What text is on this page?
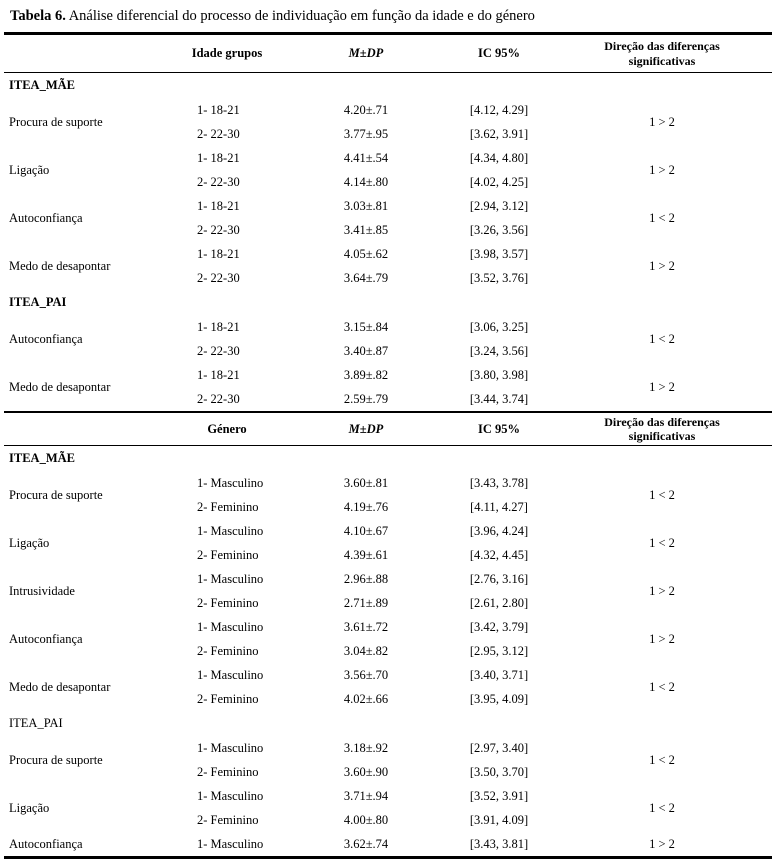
Tabela 6. Análise diferencial do processo de individuação em função da idade e do género
	Idade grupos	M±DP	IC 95%	Direção das diferenças significativas
ITEA_MÃE				
Procura de suporte	1- 18-21	4.20±.71	[4.12, 4.29]	1 > 2
	2- 22-30	3.77±.95	[3.62, 3.91]	
Ligação	1- 18-21	4.41±.54	[4.34, 4.80]	1 > 2
	2- 22-30	4.14±.80	[4.02, 4.25]	
Autoconfiança	1- 18-21	3.03±.81	[2.94, 3.12]	1 < 2
	2- 22-30	3.41±.85	[3.26, 3.56]	
Medo de desapontar	1- 18-21	4.05±.62	[3.98, 3.57]	1 > 2
	2- 22-30	3.64±.79	[3.52, 3.76]	
ITEA_PAI				
Autoconfiança	1- 18-21	3.15±.84	[3.06, 3.25]	1 < 2
	2- 22-30	3.40±.87	[3.24, 3.56]	
Medo de desapontar	1- 18-21	3.89±.82	[3.80, 3.98]	1 > 2
	2- 22-30	2.59±.79	[3.44, 3.74]	
	Género	M±DP	IC 95%	Direção das diferenças significativas
ITEA_MÃE				
Procura de suporte	1- Masculino	3.60±.81	[3.43, 3.78]	1 < 2
	2- Feminino	4.19±.76	[4.11, 4.27]	
Ligação	1- Masculino	4.10±.67	[3.96, 4.24]	1 < 2
	2- Feminino	4.39±.61	[4.32, 4.45]	
Intrusividade	1- Masculino	2.96±.88	[2.76, 3.16]	1 > 2
	2- Feminino	2.71±.89	[2.61, 2.80]	
Autoconfiança	1- Masculino	3.61±.72	[3.42, 3.79]	1 > 2
	2- Feminino	3.04±.82	[2.95, 3.12]	
Medo de desapontar	1- Masculino	3.56±.70	[3.40, 3.71]	1 < 2
	2- Feminino	4.02±.66	[3.95, 4.09]	
ITEA_PAI				
Procura de suporte	1- Masculino	3.18±.92	[2.97, 3.40]	1 < 2
	2- Feminino	3.60±.90	[3.50, 3.70]	
Ligação	1- Masculino	3.71±.94	[3.52, 3.91]	1 < 2
	2- Feminino	4.00±.80	[3.91, 4.09]	
Autoconfiança	1- Masculino	3.62±.74	[3.43, 3.81]	1 > 2
